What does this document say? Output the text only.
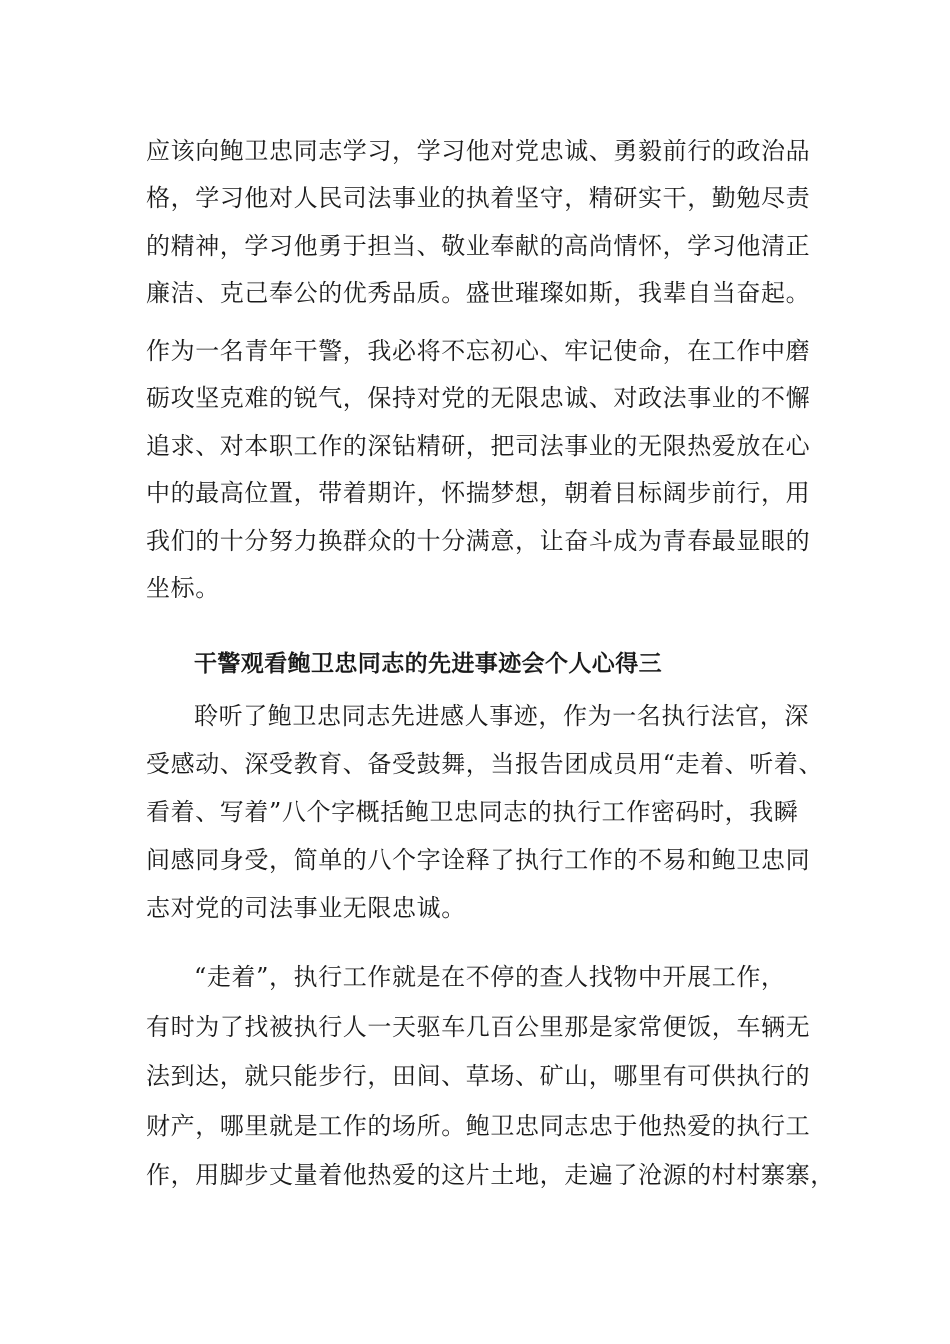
应该向鲍卫忠同志学习，学习他对党忠诚、勇毅前行的政治品
格，学习他对人民司法事业的执着坚守，精研实干，勤勉尽责
的精神，学习他勇于担当、敬业奉献的高尚情怀，学习他清正
廉洁、克己奉公的优秀品质。盛世璀璨如斯，我辈自当奋起。
作为一名青年干警，我必将不忘初心、牢记使命，在工作中磨
砺攻坚克难的锐气，保持对党的无限忠诚、对政法事业的不懈
追求、对本职工作的深钻精研，把司法事业的无限热爱放在心
中的最高位置，带着期许，怀揣梦想，朝着目标阔步前行，用
我们的十分努力换群众的十分满意，让奋斗成为青春最显眼的
坐标。
干警观看鲍卫忠同志的先进事迹会个人心得三
聆听了鲍卫忠同志先进感人事迹，作为一名执行法官，深
受感动、深受教育、备受鼓舞，当报告团成员用“走着、听着、
看着、写着”八个字概括鲍卫忠同志的执行工作密码时，我瞬
间感同身受，简单的八个字诠释了执行工作的不易和鲍卫忠同
志对党的司法事业无限忠诚。
“走着”，执行工作就是在不停的查人找物中开展工作，
有时为了找被执行人一天驱车几百公里那是家常便饭，车辆无
法到达，就只能步行，田间、草场、矿山，哪里有可供执行的
财产，哪里就是工作的场所。鲍卫忠同志忠于他热爱的执行工
作，用脚步丈量着他热爱的这片土地，走遍了沧源的村村寨寨，
